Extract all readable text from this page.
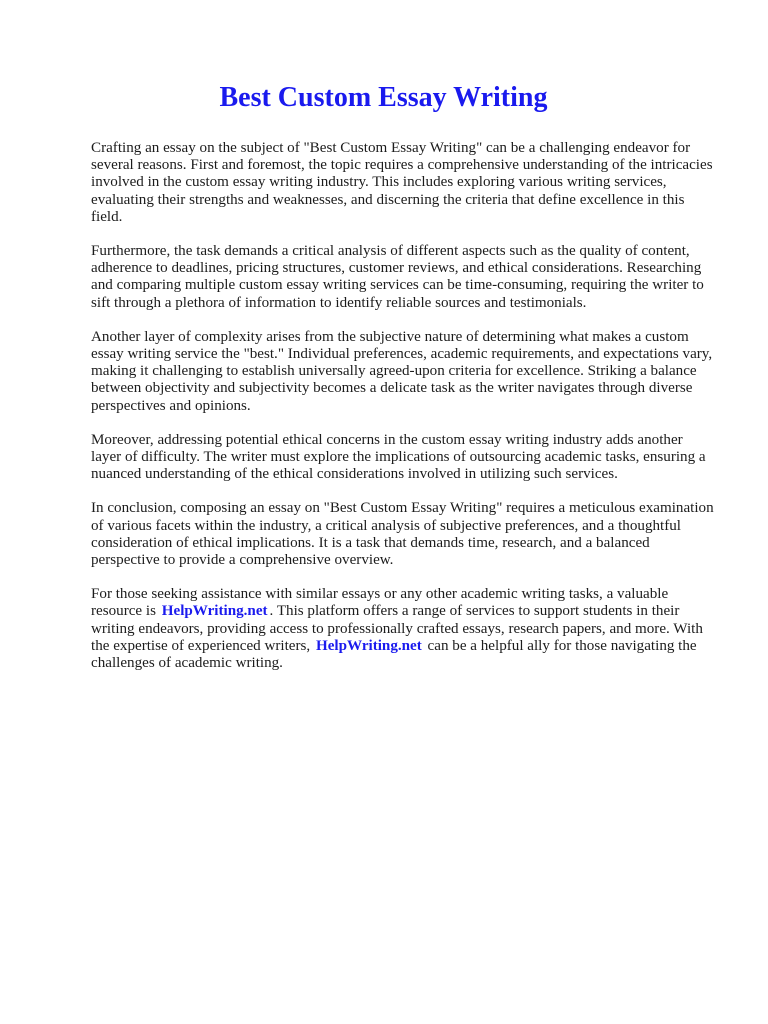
Best Custom Essay Writing

Crafting an essay on the subject of "Best Custom Essay Writing" can be a challenging endeavor for several reasons. First and foremost, the topic requires a comprehensive understanding of the intricacies involved in the custom essay writing industry. This includes exploring various writing services, evaluating their strengths and weaknesses, and discerning the criteria that define excellence in this field.

Furthermore, the task demands a critical analysis of different aspects such as the quality of content, adherence to deadlines, pricing structures, customer reviews, and ethical considerations. Researching and comparing multiple custom essay writing services can be time-consuming, requiring the writer to sift through a plethora of information to identify reliable sources and testimonials.

Another layer of complexity arises from the subjective nature of determining what makes a custom essay writing service the "best." Individual preferences, academic requirements, and expectations vary, making it challenging to establish universally agreed-upon criteria for excellence. Striking a balance between objectivity and subjectivity becomes a delicate task as the writer navigates through diverse perspectives and opinions.

Moreover, addressing potential ethical concerns in the custom essay writing industry adds another layer of difficulty. The writer must explore the implications of outsourcing academic tasks, ensuring a nuanced understanding of the ethical considerations involved in utilizing such services.

In conclusion, composing an essay on "Best Custom Essay Writing" requires a meticulous examination of various facets within the industry, a critical analysis of subjective preferences, and a thoughtful consideration of ethical implications. It is a task that demands time, research, and a balanced perspective to provide a comprehensive overview.

For those seeking assistance with similar essays or any other academic writing tasks, a valuable resource is HelpWriting.net . This platform offers a range of services to support students in their writing endeavors, providing access to professionally crafted essays, research papers, and more. With the expertise of experienced writers, HelpWriting.net can be a helpful ally for those navigating the challenges of academic writing.
